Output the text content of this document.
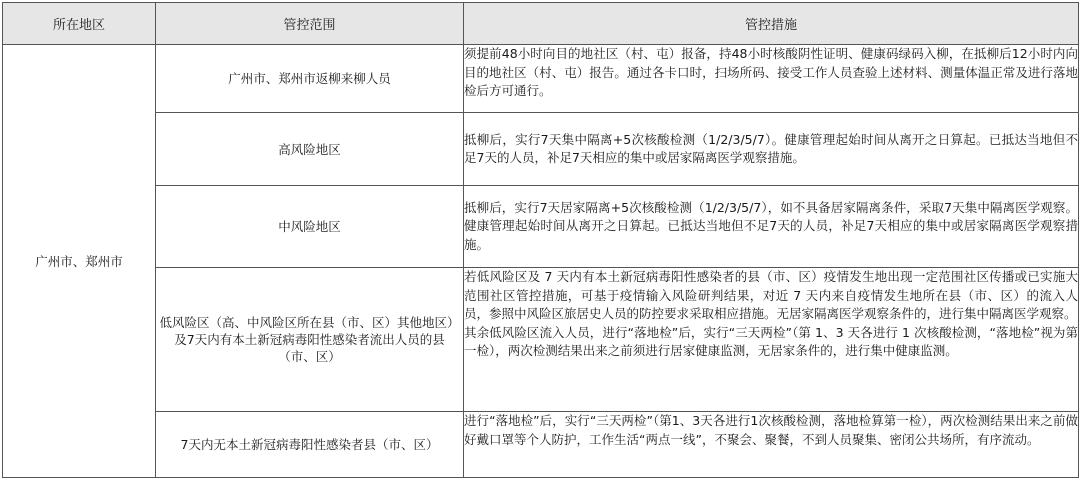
所在地区	管控范围	管控措施
广州市、郑州市	广州市、郑州市返柳来柳人员	须提前48小时向目的地社区（村、屯）报备，持48小时核酸阴性证明、健康码绿码入柳，在抵柳后12小时内向目的地社区（村、屯）报告。通过各卡口时，扫场所码、接受工作人员查验上述材料、测量体温正常及进行落地检后方可通行。

	高风险地区	抵柳后，实行7天集中隔离+5次核酸检测（1/2/3/5/7）。健康管理起始时间从离开之日算起。已抵达当地但不足7天的人员，补足7天相应的集中或居家隔离医学观察措施。

	中风险地区	抵柳后，实行7天居家隔离+5次核酸检测（1/2/3/5/7），如不具备居家隔离条件，采取7天集中隔离医学观察。健康管理起始时间从离开之日算起。已抵达当地但不足7天的人员，补足7天相应的集中或居家隔离医学观察措施。

	低风险区（高、中风险区所在县（市、区）其他地区）及7天内有本土新冠病毒阳性感染者流出人员的县（市、区）	若低风险区及 7 天内有本土新冠病毒阳性感染者的县（市、区）疫情发生地出现一定范围社区传播或已实施大范围社区管控措施，可基于疫情输入风险研判结果，对近 7 天内来自疫情发生地所在县（市、区）的流入人员，参照中风险区旅居史人员的防控要求采取相应措施。无居家隔离医学观察条件的，进行集中隔离医学观察。
其余低风险区流入人员，进行“落地检”后，实行“三天两检”（第 1、3 天各进行 1 次核酸检测，“落地检”视为第一检），两次检测结果出来之前须进行居家健康监测，无居家条件的，进行集中健康监测。

	7天内无本土新冠病毒阳性感染者县（市、区）	进行“落地检”后，实行“三天两检”（第1、3天各进行1次核酸检测，落地检算第一检），两次检测结果出来之前做好戴口罩等个人防护，工作生活“两点一线”，不聚会、聚餐，不到人员聚集、密闭公共场所，有序流动。
